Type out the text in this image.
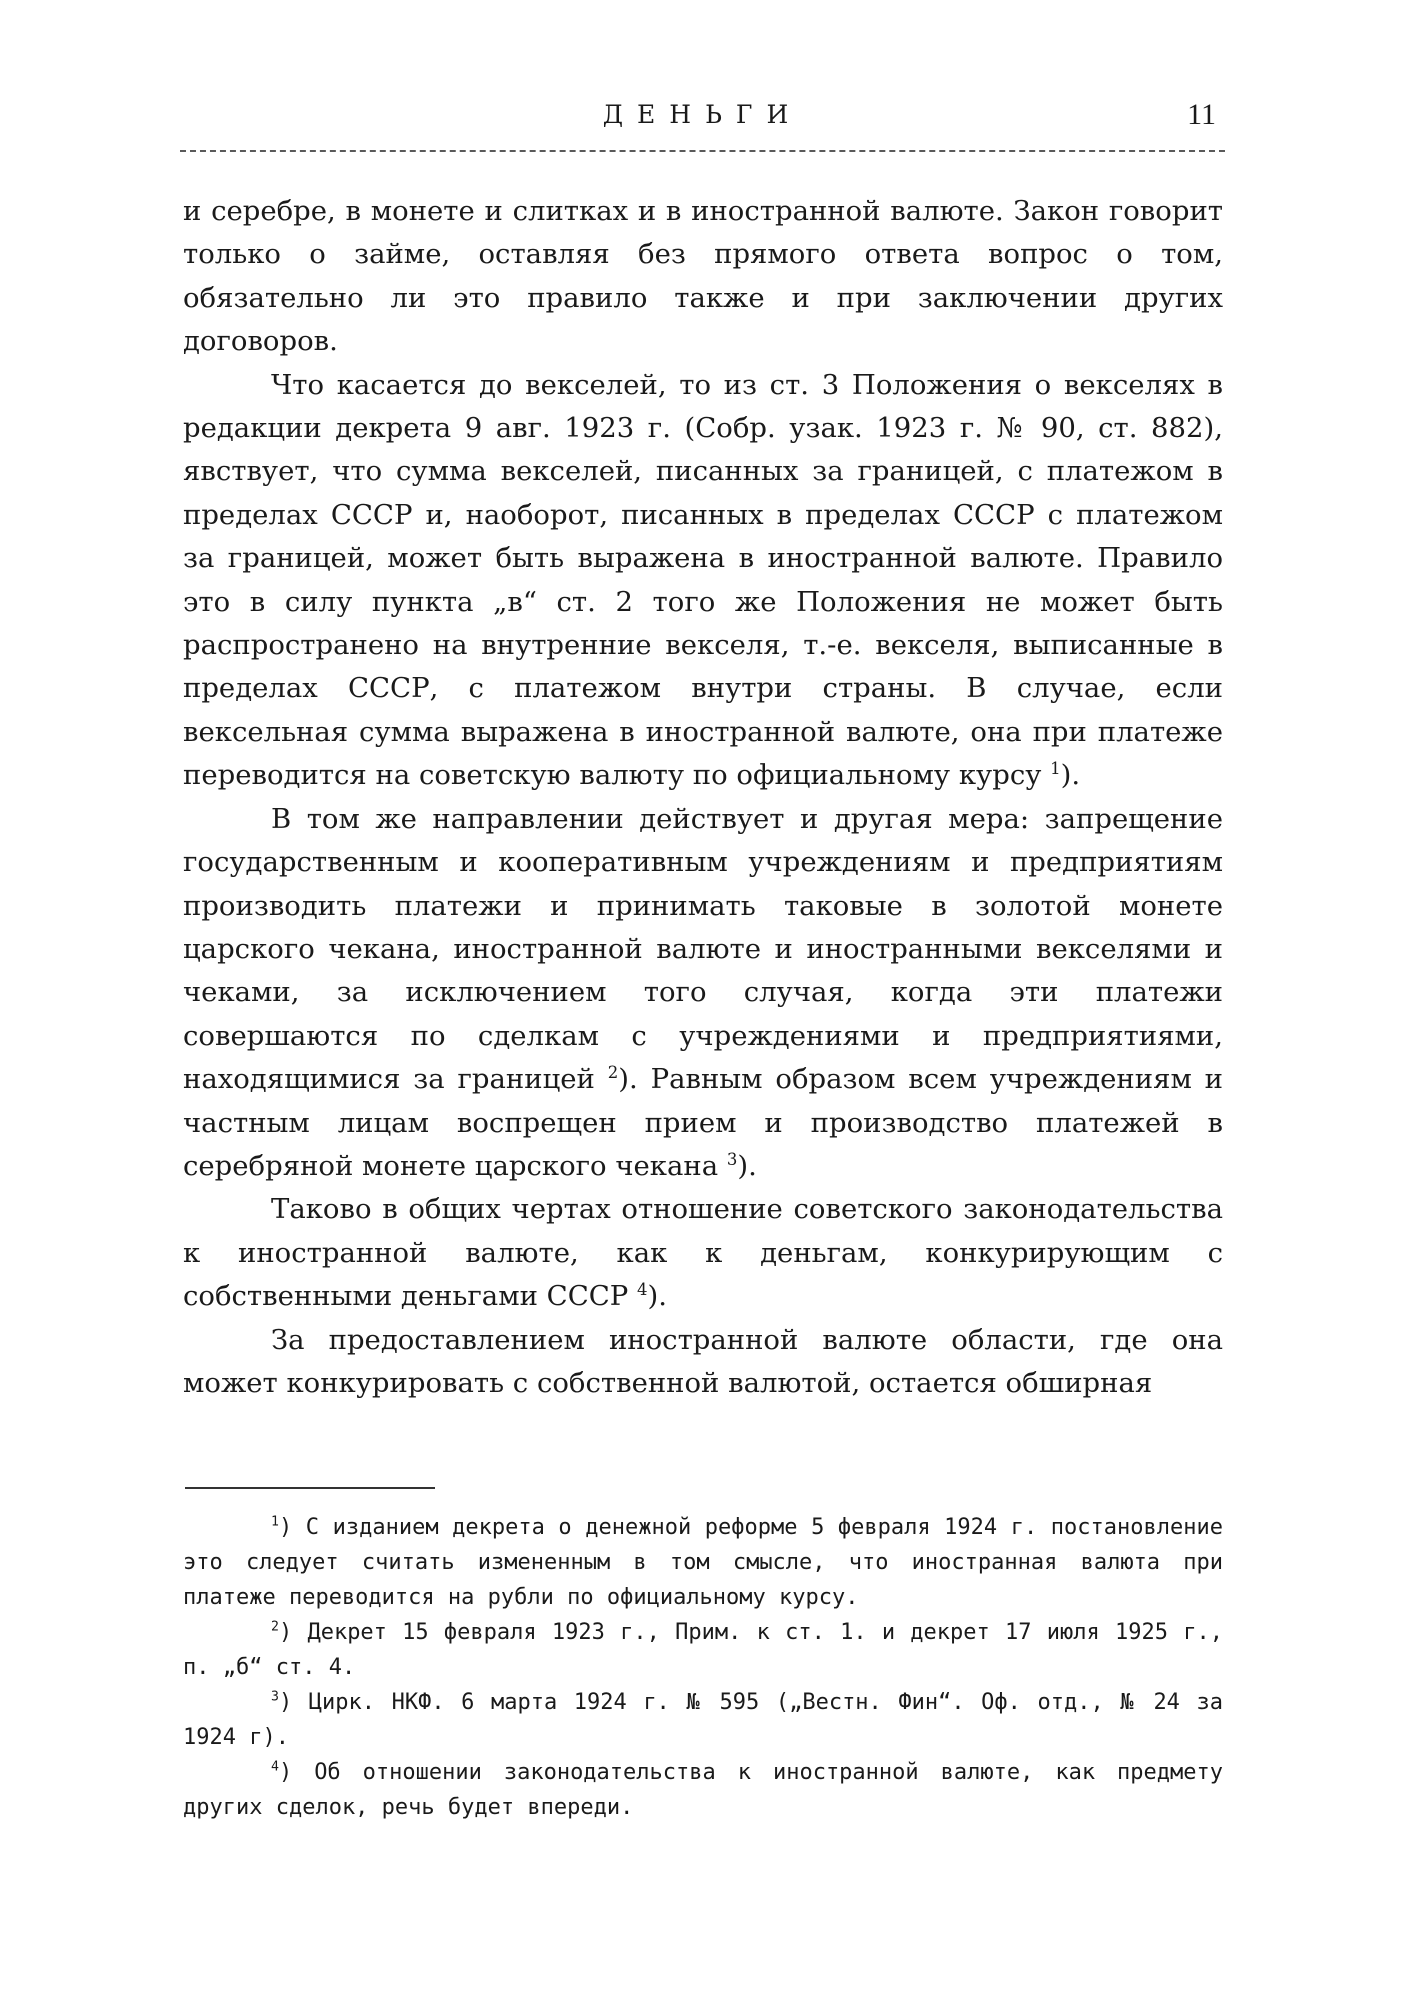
ДЕНЬГИ	11

и серебре, в монете и слитках и в иностранной валюте. Закон говорит только о займе, оставляя без прямого ответа вопрос о том, обязательно ли это правило также и при заключении других договоров.

Что касается до векселей, то из ст. 3 Положения о векселях в редакции декрета 9 авг. 1923 г. (Собр. узак. 1923 г. № 90, ст. 882), явствует, что сумма векселей, писанных за границей, с платежом в пределах СССР и, наоборот, писанных в пределах СССР с платежом за границей, может быть выражена в иностранной валюте. Правило это в силу пункта „в“ ст. 2 того же Положения не может быть распространено на внутренние векселя, т.-е. векселя, выписанные в пределах СССР, с платежом внутри страны. В случае, если вексельная сумма выражена в иностранной валюте, она при платеже переводится на советскую валюту по официальному курсу $^1$).

В том же направлении действует и другая мера: запрещение государственным и кооперативным учреждениям и предприятиям производить платежи и принимать таковые в золотой монете царского чекана, иностранной валюте и иностранными векселями и чеками, за исключением того случая, когда эти платежи совершаются по сделкам с учреждениями и предприятиями, находящимися за границей $^2$). Равным образом всем учреждениям и частным лицам воспрещен прием и производство платежей в серебряной монете царского чекана $^3$).

Таково в общих чертах отношение советского законодательства к иностранной валюте, как к деньгам, конкурирующим с собственными деньгами СССР $^4$).

За предоставлением иностранной валюте области, где она может конкурировать с собственной валютой, остается обширная

$^1$) С изданием декрета о денежной реформе 5 февраля 1924 г. постановление это следует считать измененным в том смысле, что иностранная валюта при платеже переводится на рубли по официальному курсу.

$^2$) Декрет 15 февраля 1923 г., Прим. к ст. 1. и декрет 17 июля 1925 г., п. „б“ ст. 4.

$^3$) Цирк. НКФ. 6 марта 1924 г. № 595 („Вестн. Фин“. Оф. отд., № 24 за 1924 г).

$^4$) Об отношении законодательства к иностранной валюте, как предмету других сделок, речь будет впереди.
